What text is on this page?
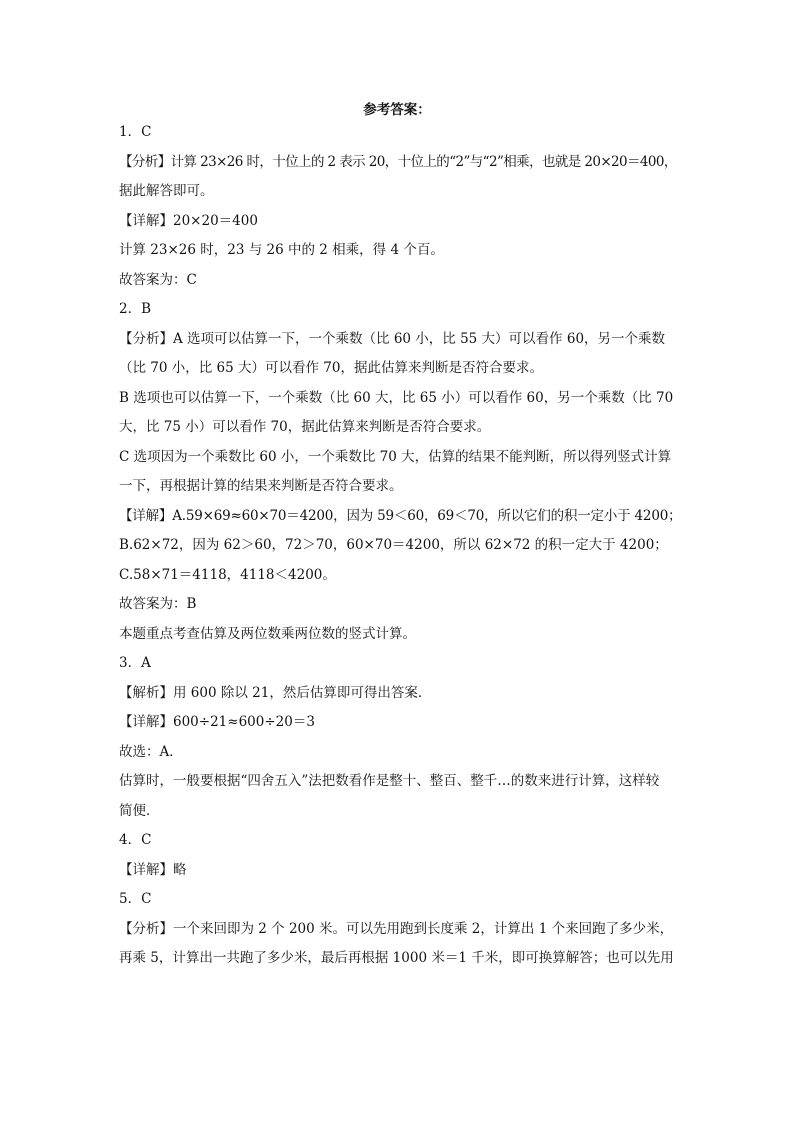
参考答案：
1．C
【分析】计算 23×26 时，十位上的 2 表示 20，十位上的“2”与“2”相乘，也就是 20×20＝400，
据此解答即可。
【详解】20×20＝400
计算 23×26 时，23 与 26 中的 2 相乘，得 4 个百。
故答案为：C
2．B
【分析】A 选项可以估算一下，一个乘数（比 60 小，比 55 大）可以看作 60，另一个乘数
（比 70 小，比 65 大）可以看作 70，据此估算来判断是否符合要求。
B 选项也可以估算一下，一个乘数（比 60 大，比 65 小）可以看作 60，另一个乘数（比 70
大，比 75 小）可以看作 70，据此估算来判断是否符合要求。
C 选项因为一个乘数比 60 小，一个乘数比 70 大，估算的结果不能判断，所以得列竖式计算
一下，再根据计算的结果来判断是否符合要求。
【详解】A.59×69≈60×70＝4200，因为 59＜60，69＜70，所以它们的积一定小于 4200；
B.62×72，因为 62＞60，72＞70，60×70＝4200，所以 62×72 的积一定大于 4200；
C.58×71＝4118，4118＜4200。
故答案为：B
本题重点考查估算及两位数乘两位数的竖式计算。
3．A
【解析】用 600 除以 21，然后估算即可得出答案．
【详解】600÷21≈600÷20＝3
故选：A．
估算时，一般要根据“四舍五入”法把数看作是整十、整百、整千…的数来进行计算，这样较
简便．
4．C
【详解】略
5．C
【分析】一个来回即为 2 个 200 米。可以先用跑到长度乘 2，计算出 1 个来回跑了多少米，
再乘 5，计算出一共跑了多少米，最后再根据 1000 米＝1 千米，即可换算解答；也可以先用
